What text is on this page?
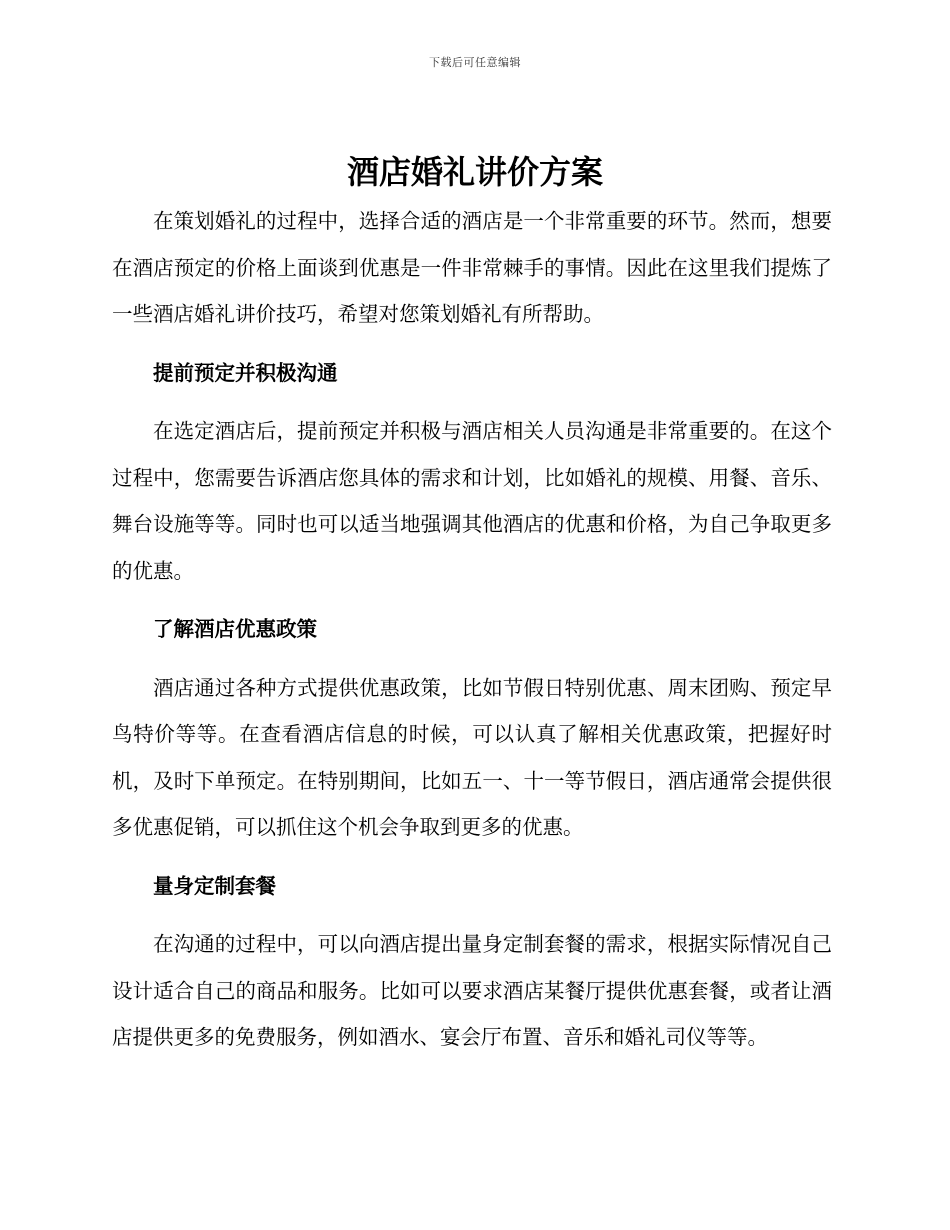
下载后可任意编辑
酒店婚礼讲价方案

在策划婚礼的过程中，选择合适的酒店是一个非常重要的环节。然而，想要在酒店预定的价格上面谈到优惠是一件非常棘手的事情。因此在这里我们提炼了一些酒店婚礼讲价技巧，希望对您策划婚礼有所帮助。

提前预定并积极沟通

在选定酒店后，提前预定并积极与酒店相关人员沟通是非常重要的。在这个过程中，您需要告诉酒店您具体的需求和计划，比如婚礼的规模、用餐、音乐、舞台设施等等。同时也可以适当地强调其他酒店的优惠和价格，为自己争取更多的优惠。

了解酒店优惠政策

酒店通过各种方式提供优惠政策，比如节假日特别优惠、周末团购、预定早鸟特价等等。在查看酒店信息的时候，可以认真了解相关优惠政策，把握好时机，及时下单预定。在特别期间，比如五一、十一等节假日，酒店通常会提供很多优惠促销，可以抓住这个机会争取到更多的优惠。

量身定制套餐

在沟通的过程中，可以向酒店提出量身定制套餐的需求，根据实际情况自己设计适合自己的商品和服务。比如可以要求酒店某餐厅提供优惠套餐，或者让酒店提供更多的免费服务，例如酒水、宴会厅布置、音乐和婚礼司仪等等。
